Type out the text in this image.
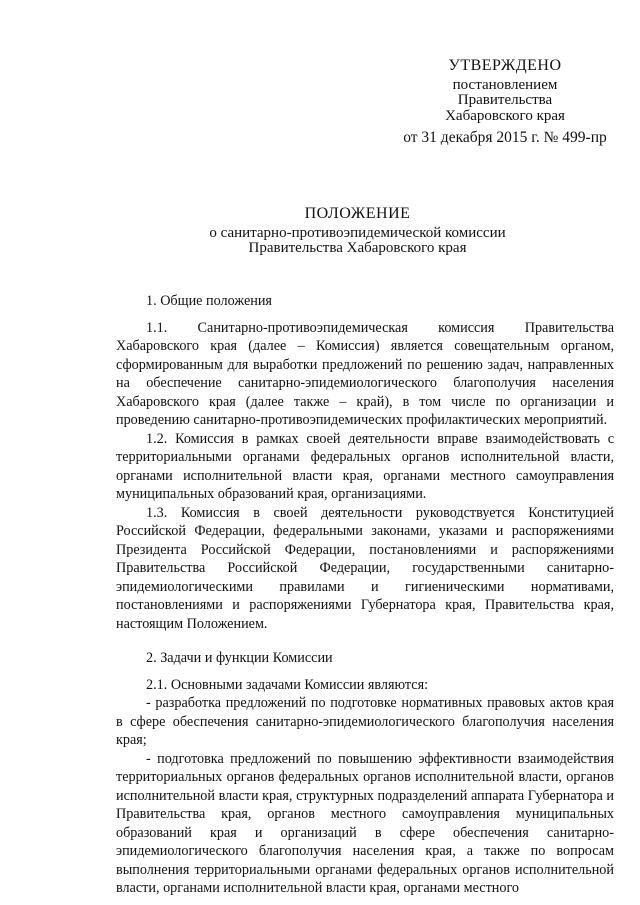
УТВЕРЖДЕНО
постановлением
Правительства
Хабаровского края
от 31 декабря 2015 г. № 499-пр
ПОЛОЖЕНИЕ
о санитарно-противоэпидемической комиссии
Правительства Хабаровского края
1. Общие положения

1.1. Санитарно-противоэпидемическая комиссия Правительства Хабаровского края (далее – Комиссия) является совещательным органом, сформированным для выработки предложений по решению задач, направленных на обеспечение санитарно-эпидемиологического благополучия населения Хабаровского края (далее также – край), в том числе по организации и проведению санитарно-противоэпидемических профилактических мероприятий.

1.2. Комиссия в рамках своей деятельности вправе взаимодействовать с территориальными органами федеральных органов исполнительной власти, органами исполнительной власти края, органами местного самоуправления муниципальных образований края, организациями.

1.3. Комиссия в своей деятельности руководствуется Конституцией Российской Федерации, федеральными законами, указами и распоряжениями Президента Российской Федерации, постановлениями и распоряжениями Правительства Российской Федерации, государственными санитарно-эпидемиологическими правилами и гигиеническими нормативами, постановлениями и распоряжениями Губернатора края, Правительства края, настоящим Положением.

2. Задачи и функции Комиссии

2.1. Основными задачами Комиссии являются:

- разработка предложений по подготовке нормативных правовых актов края в сфере обеспечения санитарно-эпидемиологического благополучия населения края;

- подготовка предложений по повышению эффективности взаимодействия территориальных органов федеральных органов исполнительной власти, органов исполнительной власти края, структурных подразделений аппарата Губернатора и Правительства края, органов местного самоуправления муниципальных образований края и организаций в сфере обеспечения санитарно-эпидемиологического благополучия населения края, а также по вопросам выполнения территориальными органами федеральных органов исполнительной власти, органами исполнительной власти края, органами местного
